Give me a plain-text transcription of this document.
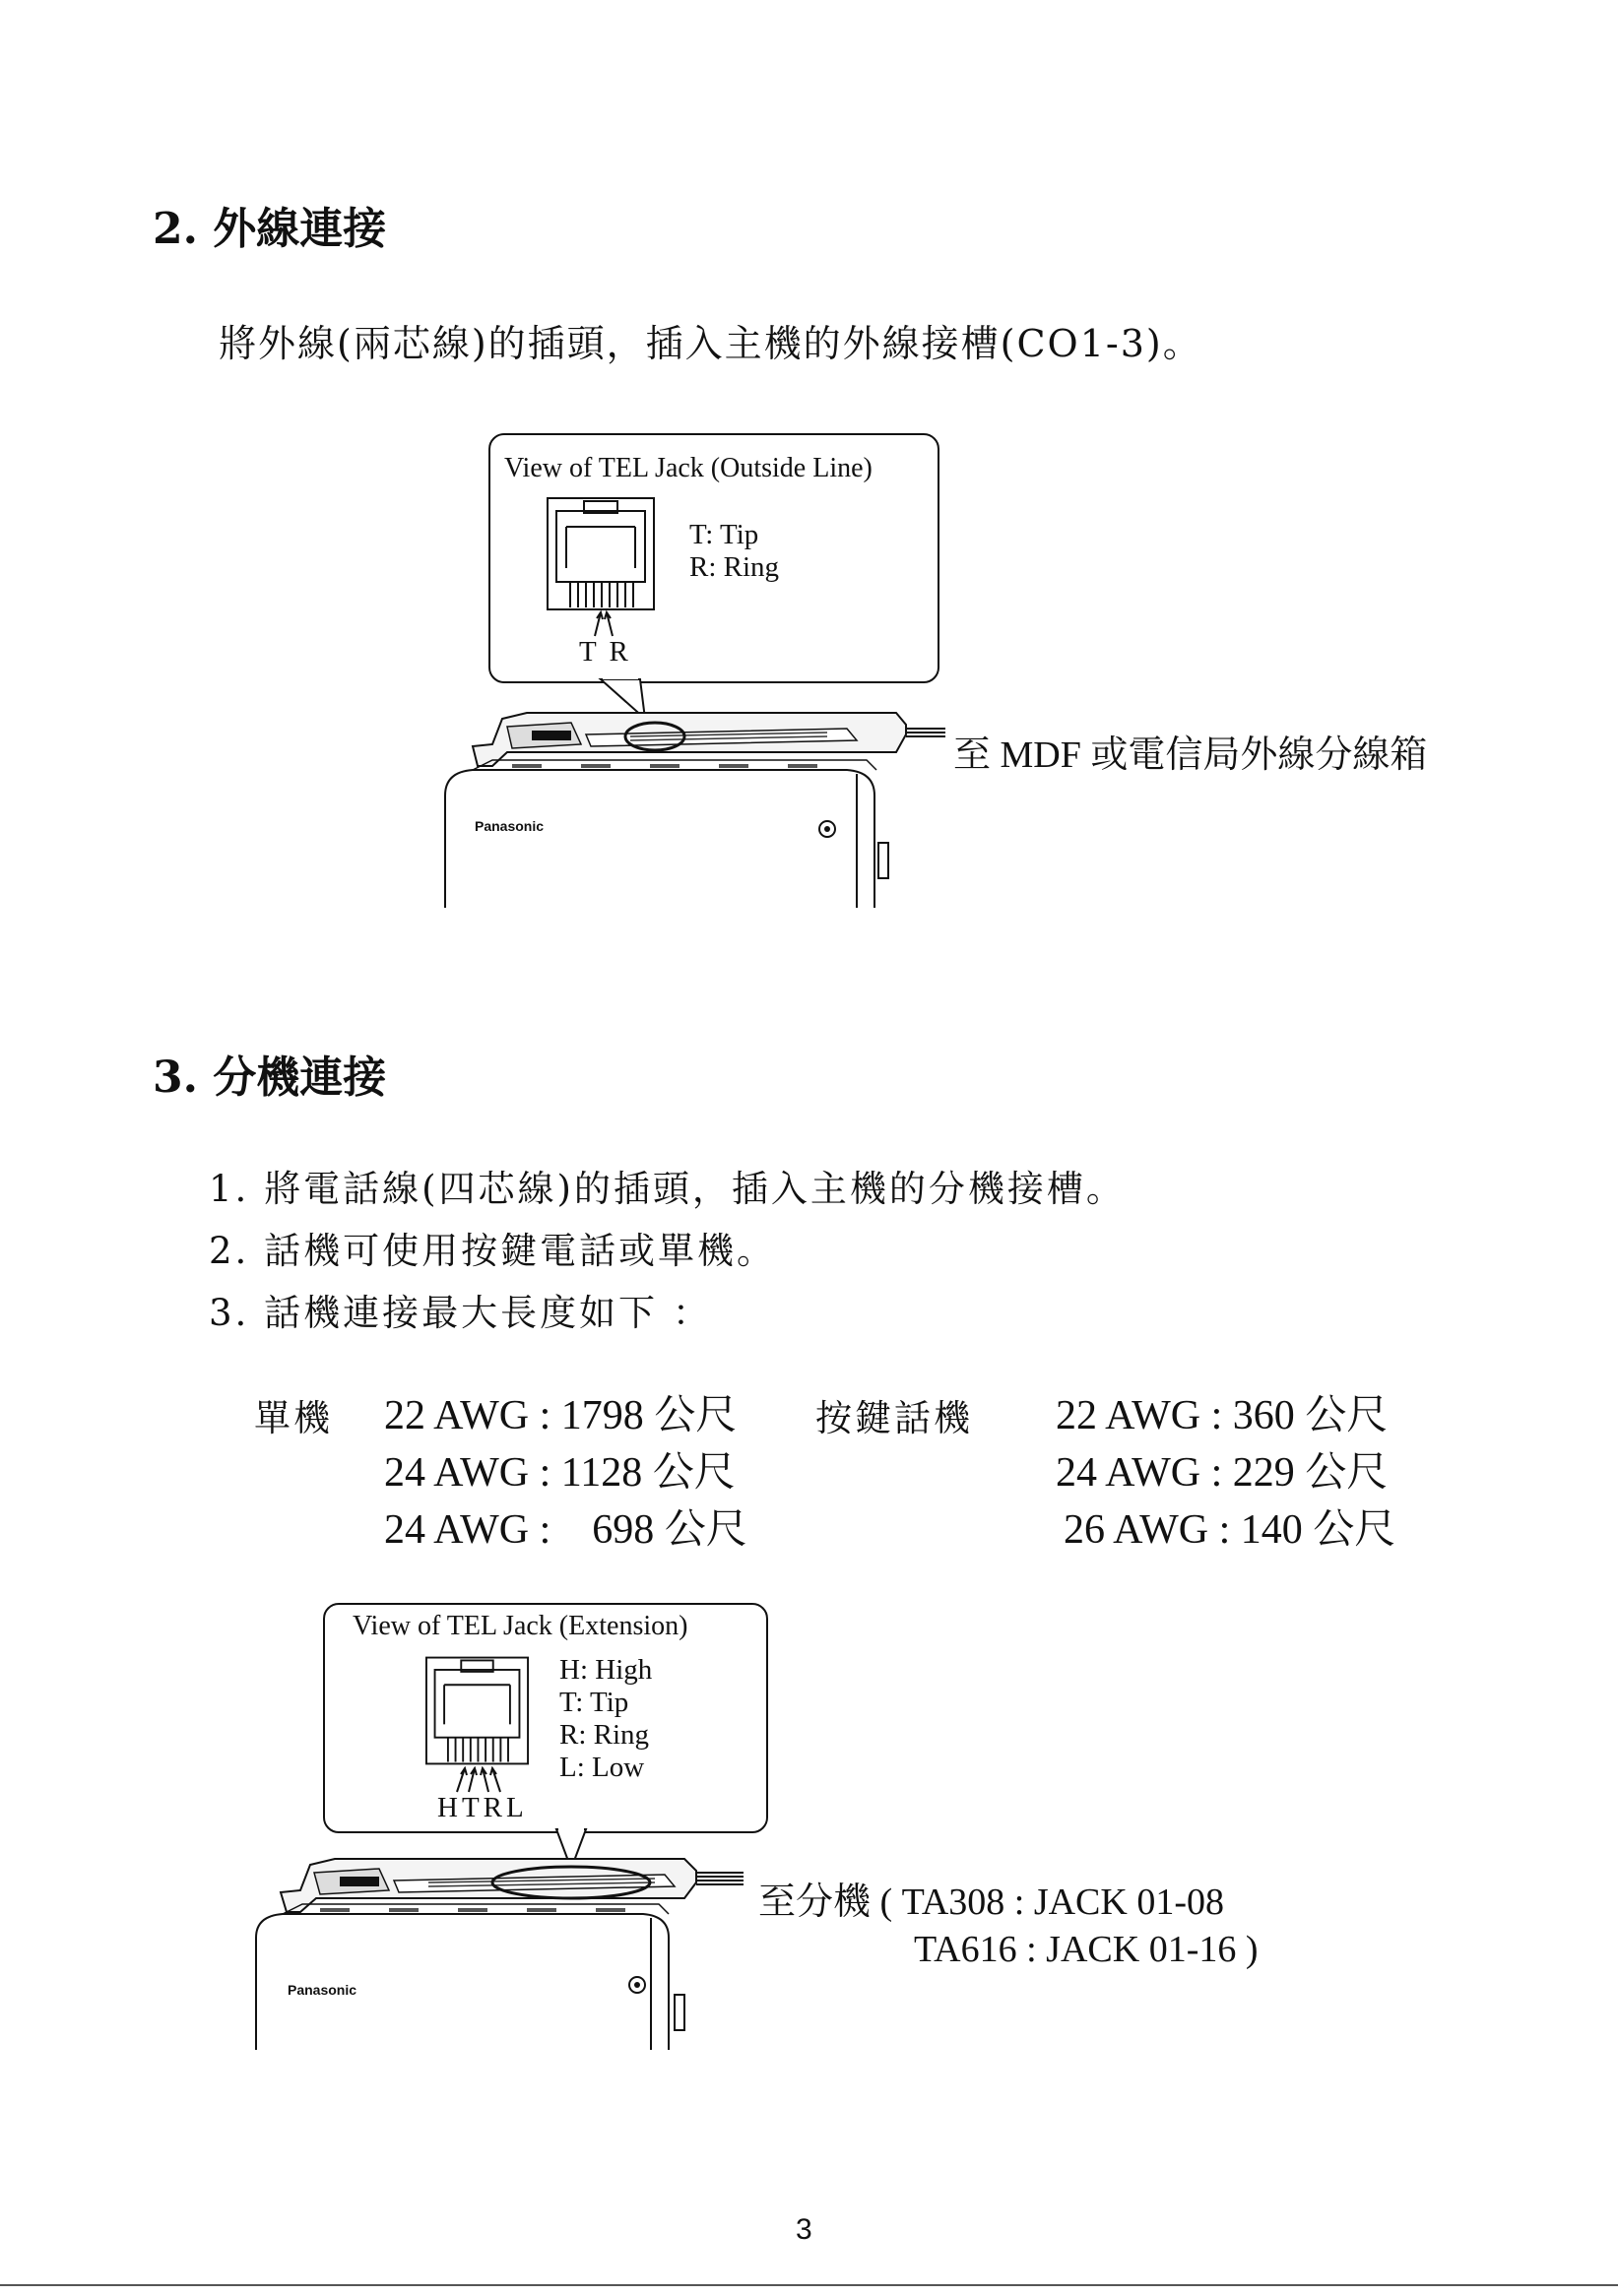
2. 外線連接
將外線(兩芯線)的插頭，插入主機的外線接槽(CO1-3)。
View of TEL Jack (Outside Line)
T R
T: Tip
R: Ring
Panasonic
至 MDF 或電信局外線分線箱
3. 分機連接
1. 將電話線(四芯線)的插頭，插入主機的分機接槽。
2. 話機可使用按鍵電話或單機。
3. 話機連接最大長度如下 ：
單機 22 AWG : 1798 公尺
24 AWG : 1128 公尺
24 AWG :    698 公尺
按鍵話機 22 AWG : 360 公尺
24 AWG : 229 公尺
26 AWG : 140 公尺
View of TEL Jack (Extension)
HTRL
H: High
T: Tip
R: Ring
L: Low
Panasonic
至分機 ( TA308 : JACK 01-08
TA616 : JACK 01-16 )
3
